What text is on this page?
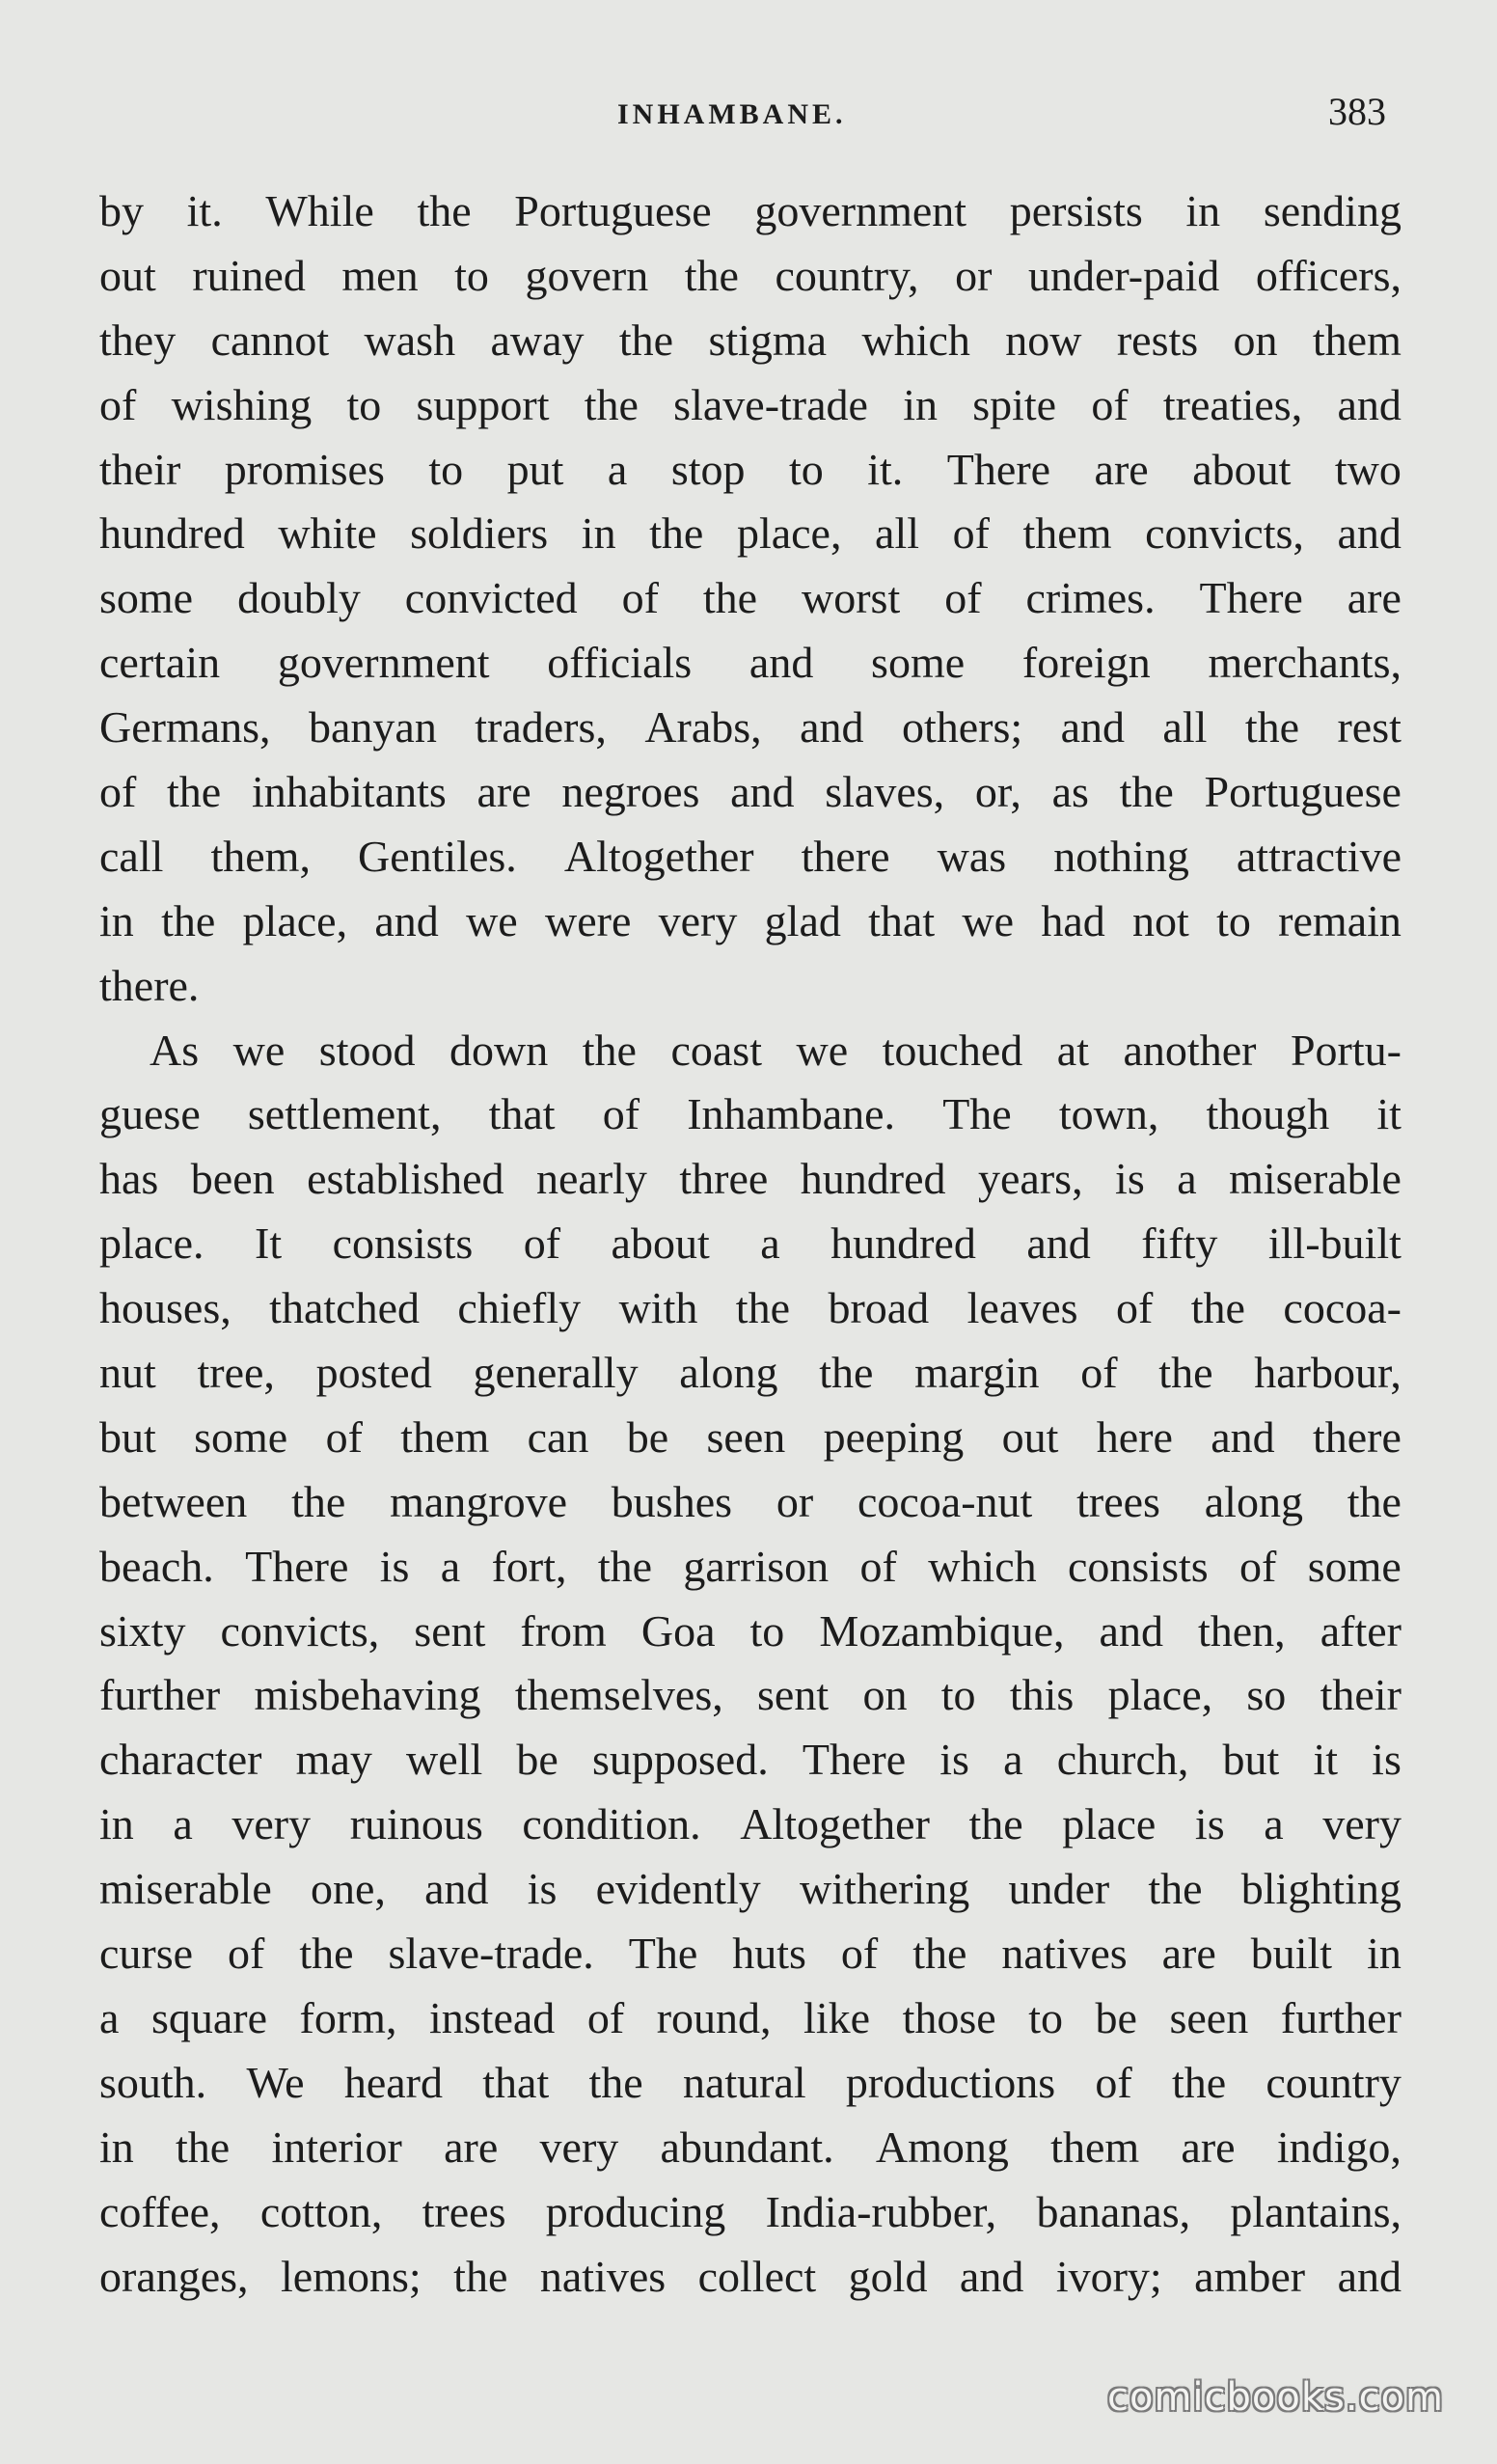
INHAMBANE.	383
by it. While the Portuguese government persists in sending
out ruined men to govern the country, or under-paid officers,
they cannot wash away the stigma which now rests on them
of wishing to support the slave-trade in spite of treaties, and
their promises to put a stop to it. There are about two
hundred white soldiers in the place, all of them convicts, and
some doubly convicted of the worst of crimes. There are
certain government officials and some foreign merchants,
Germans, banyan traders, Arabs, and others; and all the rest
of the inhabitants are negroes and slaves, or, as the Portuguese
call them, Gentiles. Altogether there was nothing attractive
in the place, and we were very glad that we had not to remain
there.
As we stood down the coast we touched at another Portu-
guese settlement, that of Inhambane. The town, though it
has been established nearly three hundred years, is a miserable
place. It consists of about a hundred and fifty ill-built
houses, thatched chiefly with the broad leaves of the cocoa-
nut tree, posted generally along the margin of the harbour,
but some of them can be seen peeping out here and there
between the mangrove bushes or cocoa-nut trees along the
beach. There is a fort, the garrison of which consists of some
sixty convicts, sent from Goa to Mozambique, and then, after
further misbehaving themselves, sent on to this place, so their
character may well be supposed. There is a church, but it is
in a very ruinous condition. Altogether the place is a very
miserable one, and is evidently withering under the blighting
curse of the slave-trade. The huts of the natives are built in
a square form, instead of round, like those to be seen further
south. We heard that the natural productions of the country
in the interior are very abundant. Among them are indigo,
coffee, cotton, trees producing India-rubber, bananas, plantains,
oranges, lemons; the natives collect gold and ivory; amber and
comicbooks.com
